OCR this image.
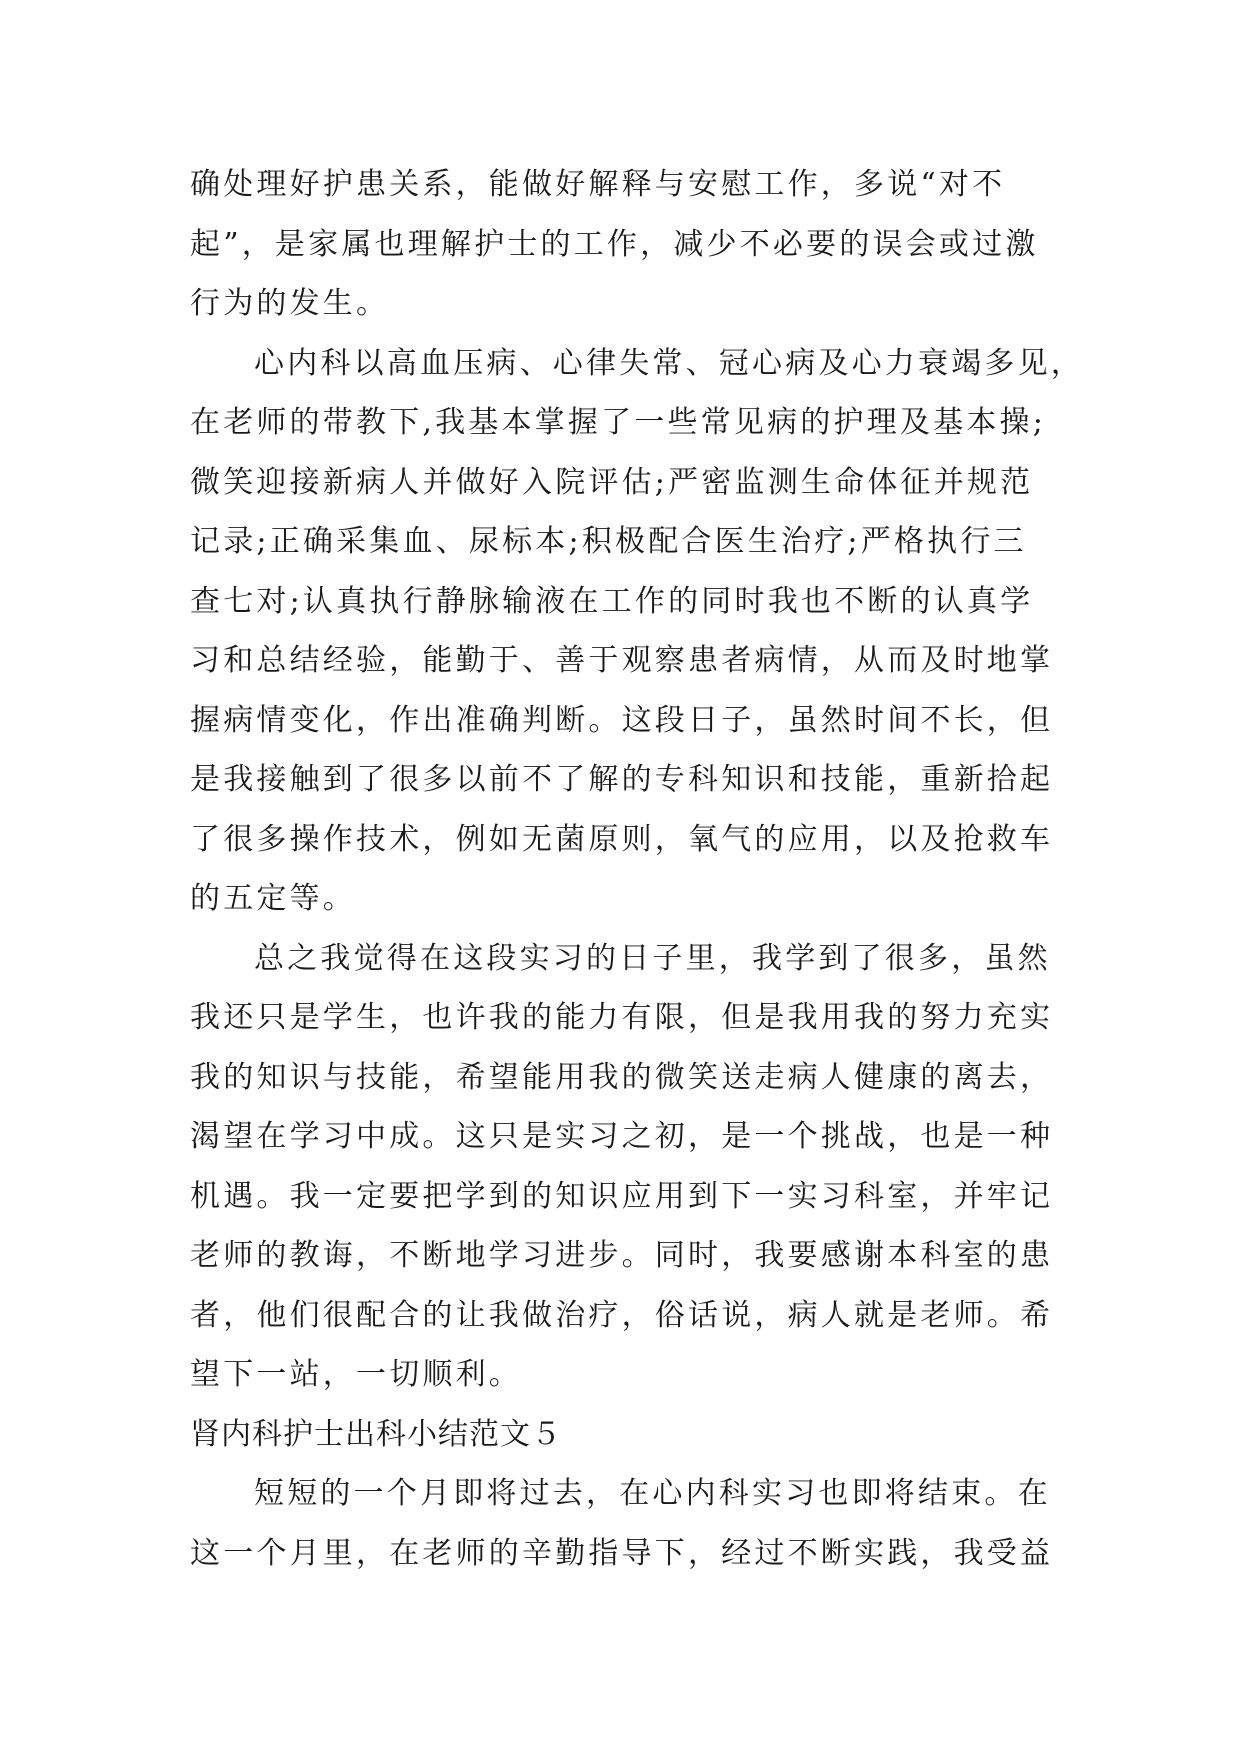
确处理好护患关系，能做好解释与安慰工作，多说“对不
起”，是家属也理解护士的工作，减少不必要的误会或过激
行为的发生。

心内科以高血压病、心律失常、冠心病及心力衰竭多见，
在老师的带教下,我基本掌握了一些常见病的护理及基本操;
微笑迎接新病人并做好入院评估;严密监测生命体征并规范
记录;正确采集血、尿标本;积极配合医生治疗;严格执行三
查七对;认真执行静脉输液在工作的同时我也不断的认真学
习和总结经验，能勤于、善于观察患者病情，从而及时地掌
握病情变化，作出准确判断。这段日子，虽然时间不长，但
是我接触到了很多以前不了解的专科知识和技能，重新拾起
了很多操作技术，例如无菌原则，氧气的应用，以及抢救车
的五定等。

总之我觉得在这段实习的日子里，我学到了很多，虽然
我还只是学生，也许我的能力有限，但是我用我的努力充实
我的知识与技能，希望能用我的微笑送走病人健康的离去，
渴望在学习中成。这只是实习之初，是一个挑战，也是一种
机遇。我一定要把学到的知识应用到下一实习科室，并牢记
老师的教诲，不断地学习进步。同时，我要感谢本科室的患
者，他们很配合的让我做治疗，俗话说，病人就是老师。希
望下一站，一切顺利。

肾内科护士出科小结范文５

短短的一个月即将过去，在心内科实习也即将结束。在
这一个月里，在老师的辛勤指导下，经过不断实践，我受益
